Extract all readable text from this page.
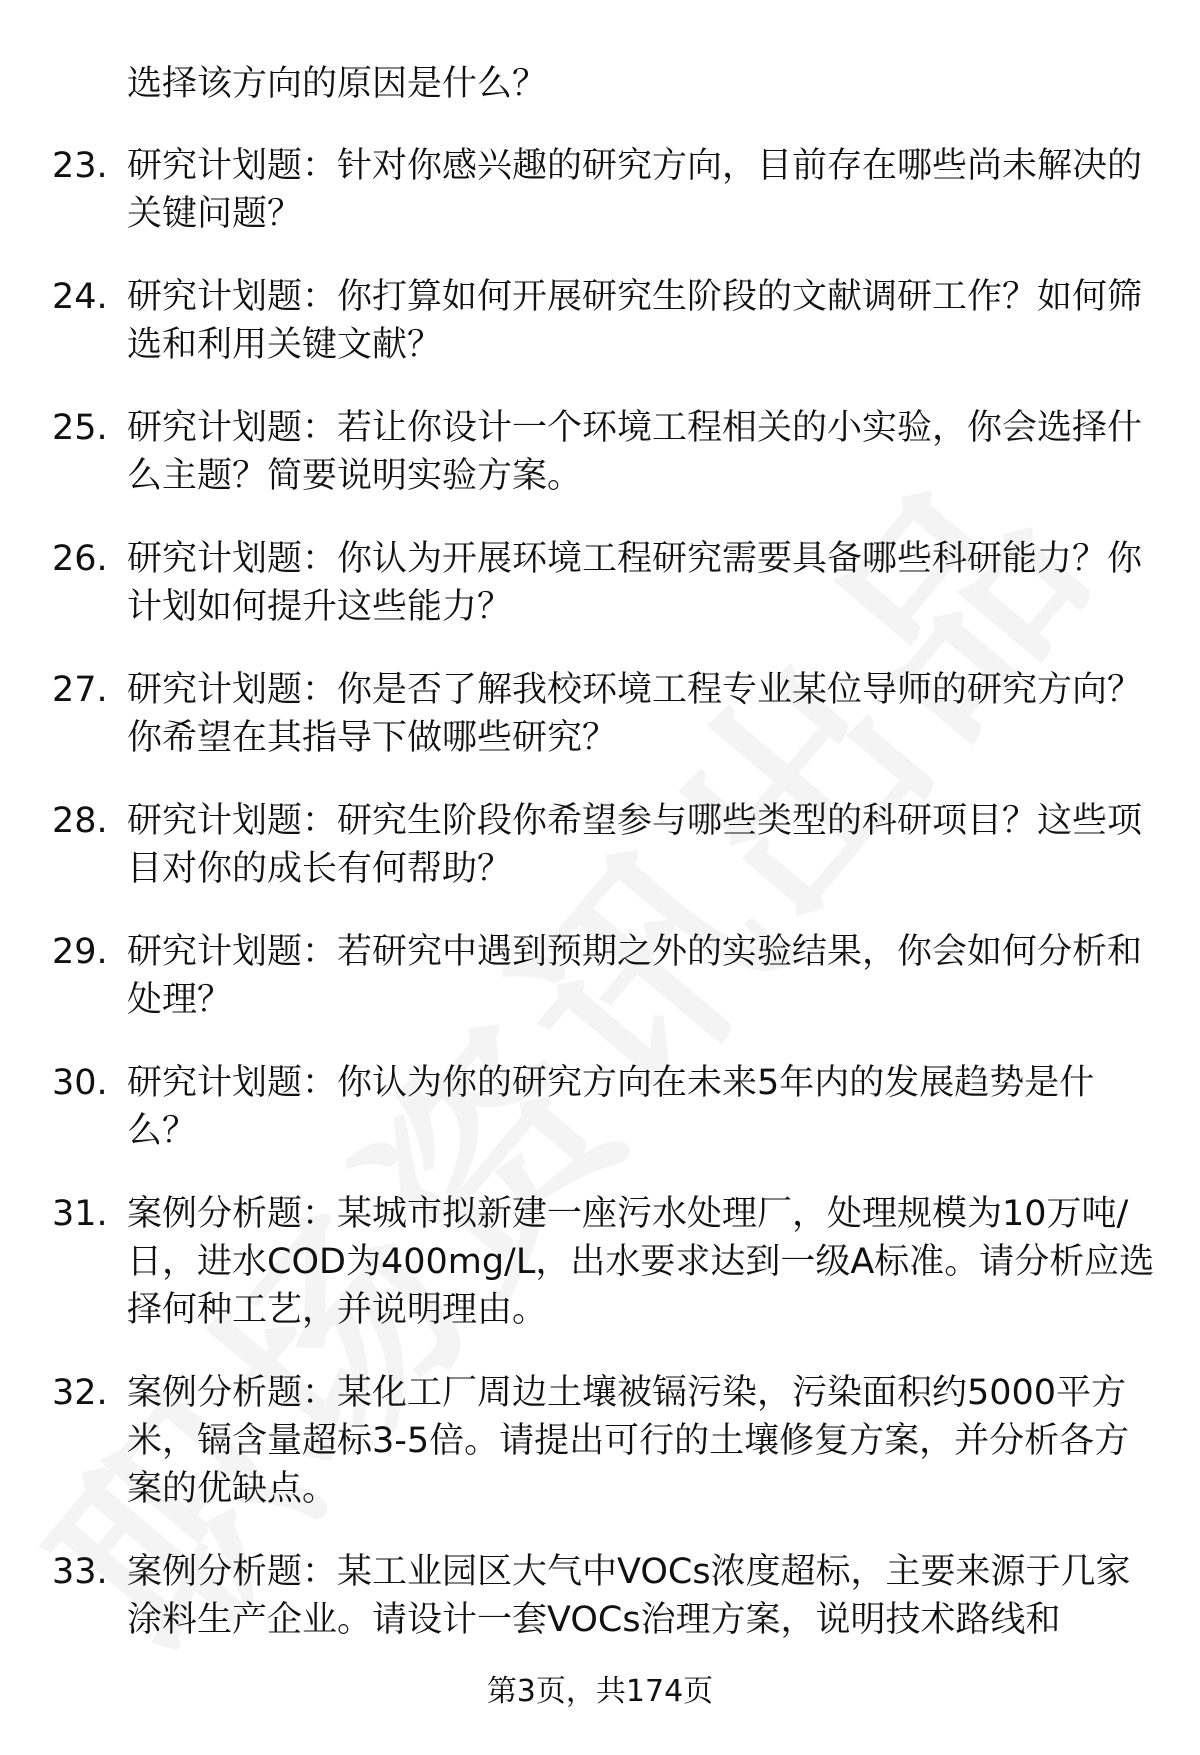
选择该方向的原因是什么？
23. 研究计划题：针对你感兴趣的研究方向，目前存在哪些尚未解决的关键问题？
24. 研究计划题：你打算如何开展研究生阶段的文献调研工作？如何筛选和利用关键文献？
25. 研究计划题：若让你设计一个环境工程相关的小实验，你会选择什么主题？简要说明实验方案。
26. 研究计划题：你认为开展环境工程研究需要具备哪些科研能力？你计划如何提升这些能力？
27. 研究计划题：你是否了解我校环境工程专业某位导师的研究方向？你希望在其指导下做哪些研究？
28. 研究计划题：研究生阶段你希望参与哪些类型的科研项目？这些项目对你的成长有何帮助？
29. 研究计划题：若研究中遇到预期之外的实验结果，你会如何分析和处理？
30. 研究计划题：你认为你的研究方向在未来5年内的发展趋势是什么？
31. 案例分析题：某城市拟新建一座污水处理厂，处理规模为10万吨/日，进水COD为400mg/L，出水要求达到一级A标准。请分析应选择何种工艺，并说明理由。
32. 案例分析题：某化工厂周边土壤被镉污染，污染面积约5000平方米，镉含量超标3-5倍。请提出可行的土壤修复方案，并分析各方案的优缺点。
33. 案例分析题：某工业园区大气中VOCs浓度超标，主要来源于几家涂料生产企业。请设计一套VOCs治理方案，说明技术路线和
第3页，共174页
